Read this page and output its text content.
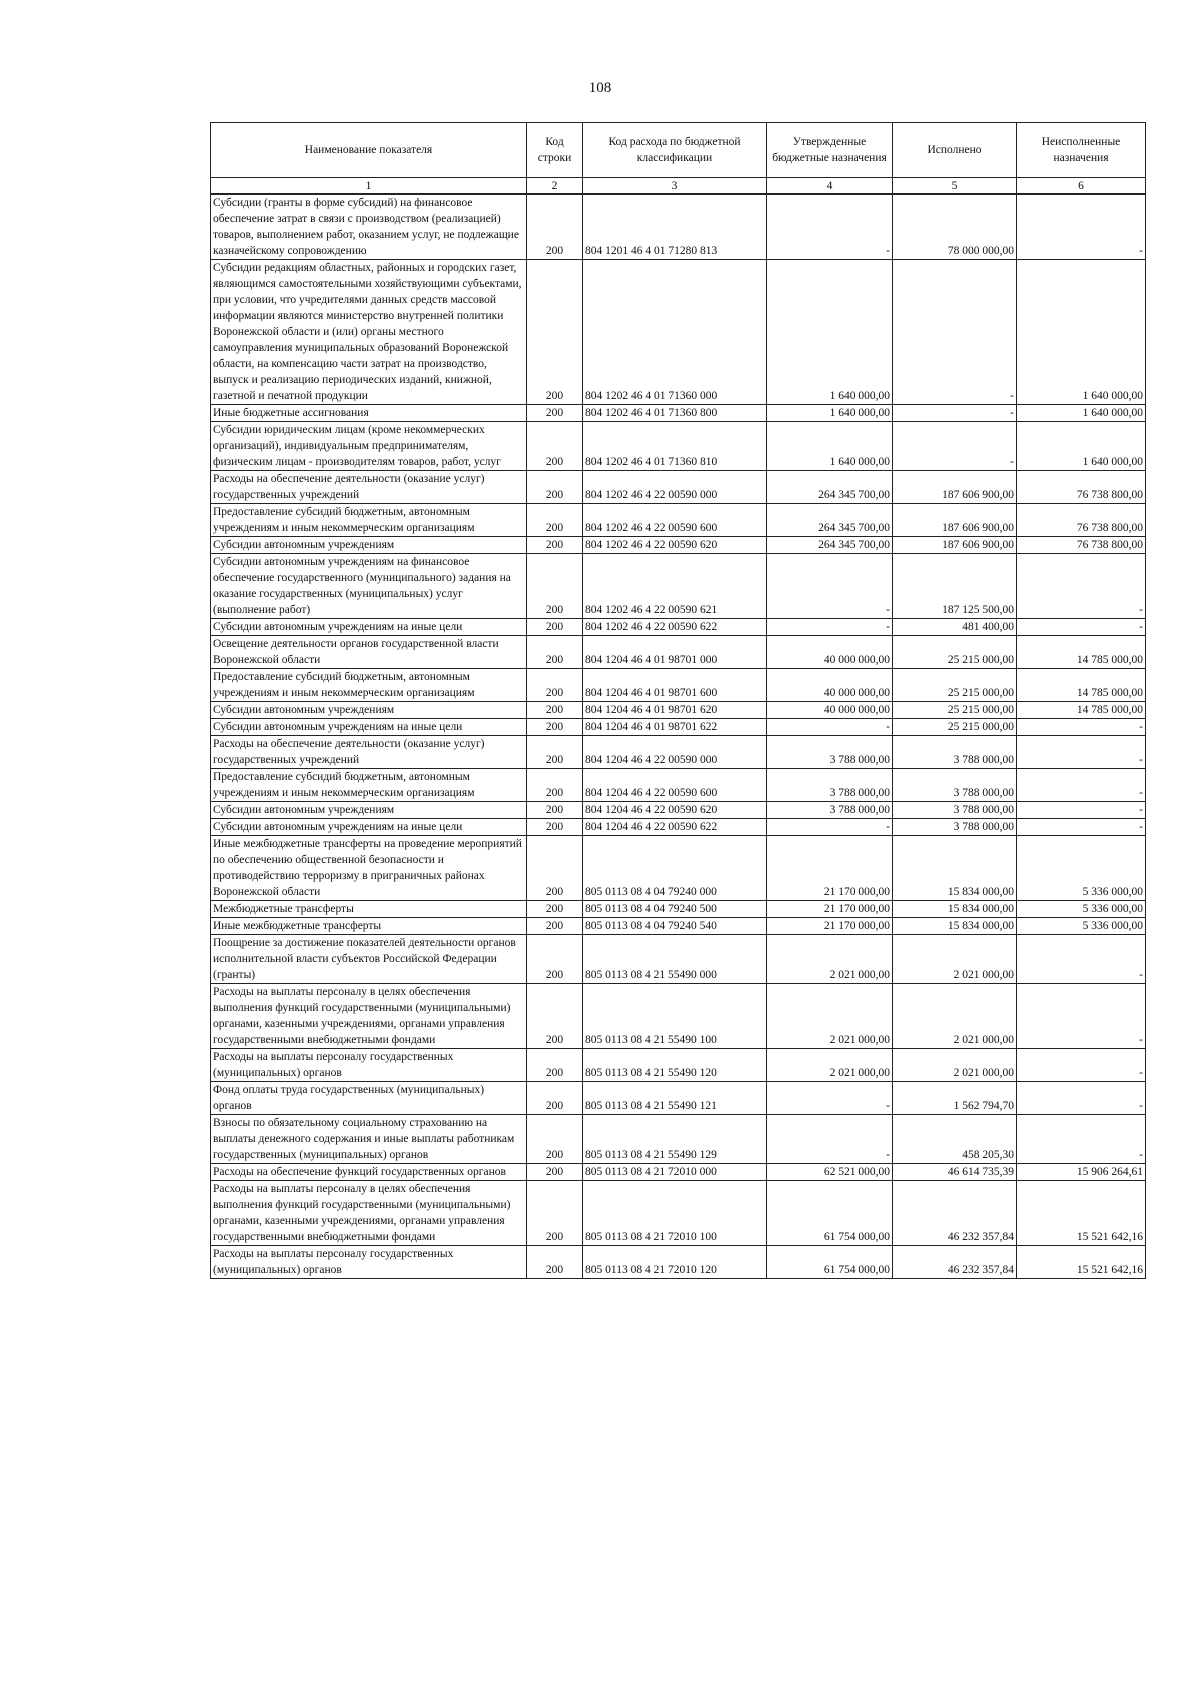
108
Наименование показателя	Код строки	Код расхода по бюджетной классификации	Утвержденные бюджетные назначения	Исполнено	Неисполненные назначения
1	2	3	4	5	6
Субсидии (гранты в форме субсидий) на финансовое обеспечение затрат в связи с производством (реализацией) товаров, выполнением работ, оказанием услуг, не подлежащие казначейскому сопровождению	200	804 1201 46 4 01 71280 813	-	78 000 000,00	-
Субсидии редакциям областных, районных и городских газет, являющимся самостоятельными хозяйствующими субъектами, при условии, что учредителями данных средств массовой информации являются министерство внутренней политики Воронежской области и (или) органы местного самоуправления муниципальных образований Воронежской области, на компенсацию части затрат на производство, выпуск и реализацию периодических изданий, книжной, газетной и печатной продукции	200	804 1202 46 4 01 71360 000	1 640 000,00	-	1 640 000,00
Иные бюджетные ассигнования	200	804 1202 46 4 01 71360 800	1 640 000,00	-	1 640 000,00
Субсидии юридическим лицам (кроме некоммерческих организаций), индивидуальным предпринимателям, физическим лицам - производителям товаров, работ, услуг	200	804 1202 46 4 01 71360 810	1 640 000,00	-	1 640 000,00
Расходы на обеспечение деятельности (оказание услуг) государственных учреждений	200	804 1202 46 4 22 00590 000	264 345 700,00	187 606 900,00	76 738 800,00
Предоставление субсидий бюджетным, автономным учреждениям и иным некоммерческим организациям	200	804 1202 46 4 22 00590 600	264 345 700,00	187 606 900,00	76 738 800,00
Субсидии автономным учреждениям	200	804 1202 46 4 22 00590 620	264 345 700,00	187 606 900,00	76 738 800,00
Субсидии автономным учреждениям на финансовое обеспечение государственного (муниципального) задания на оказание государственных (муниципальных) услуг (выполнение работ)	200	804 1202 46 4 22 00590 621	-	187 125 500,00	-
Субсидии автономным учреждениям на иные цели	200	804 1202 46 4 22 00590 622	-	481 400,00	-
Освещение деятельности органов государственной власти Воронежской области	200	804 1204 46 4 01 98701 000	40 000 000,00	25 215 000,00	14 785 000,00
Предоставление субсидий бюджетным, автономным учреждениям и иным некоммерческим организациям	200	804 1204 46 4 01 98701 600	40 000 000,00	25 215 000,00	14 785 000,00
Субсидии автономным учреждениям	200	804 1204 46 4 01 98701 620	40 000 000,00	25 215 000,00	14 785 000,00
Субсидии автономным учреждениям на иные цели	200	804 1204 46 4 01 98701 622	-	25 215 000,00	-
Расходы на обеспечение деятельности (оказание услуг) государственных учреждений	200	804 1204 46 4 22 00590 000	3 788 000,00	3 788 000,00	-
Предоставление субсидий бюджетным, автономным учреждениям и иным некоммерческим организациям	200	804 1204 46 4 22 00590 600	3 788 000,00	3 788 000,00	-
Субсидии автономным учреждениям	200	804 1204 46 4 22 00590 620	3 788 000,00	3 788 000,00	-
Субсидии автономным учреждениям на иные цели	200	804 1204 46 4 22 00590 622	-	3 788 000,00	-
Иные межбюджетные трансферты на проведение мероприятий по обеспечению общественной безопасности и противодействию терроризму в приграничных районах Воронежской области	200	805 0113 08 4 04 79240 000	21 170 000,00	15 834 000,00	5 336 000,00
Межбюджетные трансферты	200	805 0113 08 4 04 79240 500	21 170 000,00	15 834 000,00	5 336 000,00
Иные межбюджетные трансферты	200	805 0113 08 4 04 79240 540	21 170 000,00	15 834 000,00	5 336 000,00
Поощрение за достижение показателей деятельности органов исполнительной власти субъектов Российской Федерации (гранты)	200	805 0113 08 4 21 55490 000	2 021 000,00	2 021 000,00	-
Расходы на выплаты персоналу в целях обеспечения выполнения функций государственными (муниципальными) органами, казенными учреждениями, органами управления государственными внебюджетными фондами	200	805 0113 08 4 21 55490 100	2 021 000,00	2 021 000,00	-
Расходы на выплаты персоналу государственных (муниципальных) органов	200	805 0113 08 4 21 55490 120	2 021 000,00	2 021 000,00	-
Фонд оплаты труда государственных (муниципальных) органов	200	805 0113 08 4 21 55490 121	-	1 562 794,70	-
Взносы по обязательному социальному страхованию на выплаты денежного содержания и иные выплаты работникам государственных (муниципальных) органов	200	805 0113 08 4 21 55490 129	-	458 205,30	-
Расходы на обеспечение функций государственных органов	200	805 0113 08 4 21 72010 000	62 521 000,00	46 614 735,39	15 906 264,61
Расходы на выплаты персоналу в целях обеспечения выполнения функций государственными (муниципальными) органами, казенными учреждениями, органами управления государственными внебюджетными фондами	200	805 0113 08 4 21 72010 100	61 754 000,00	46 232 357,84	15 521 642,16
Расходы на выплаты персоналу государственных (муниципальных) органов	200	805 0113 08 4 21 72010 120	61 754 000,00	46 232 357,84	15 521 642,16
